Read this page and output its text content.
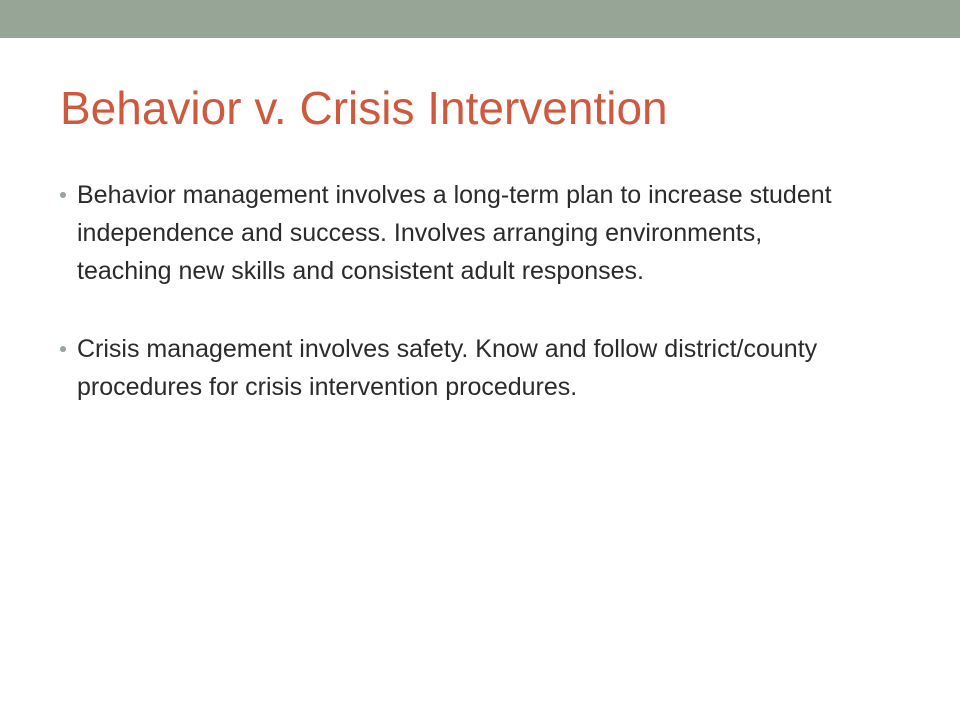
Behavior v. Crisis Intervention
Behavior management involves a long-term plan to increase student independence and success. Involves arranging environments, teaching new skills and consistent adult responses.
Crisis management involves safety. Know and follow district/county procedures for crisis intervention procedures.
